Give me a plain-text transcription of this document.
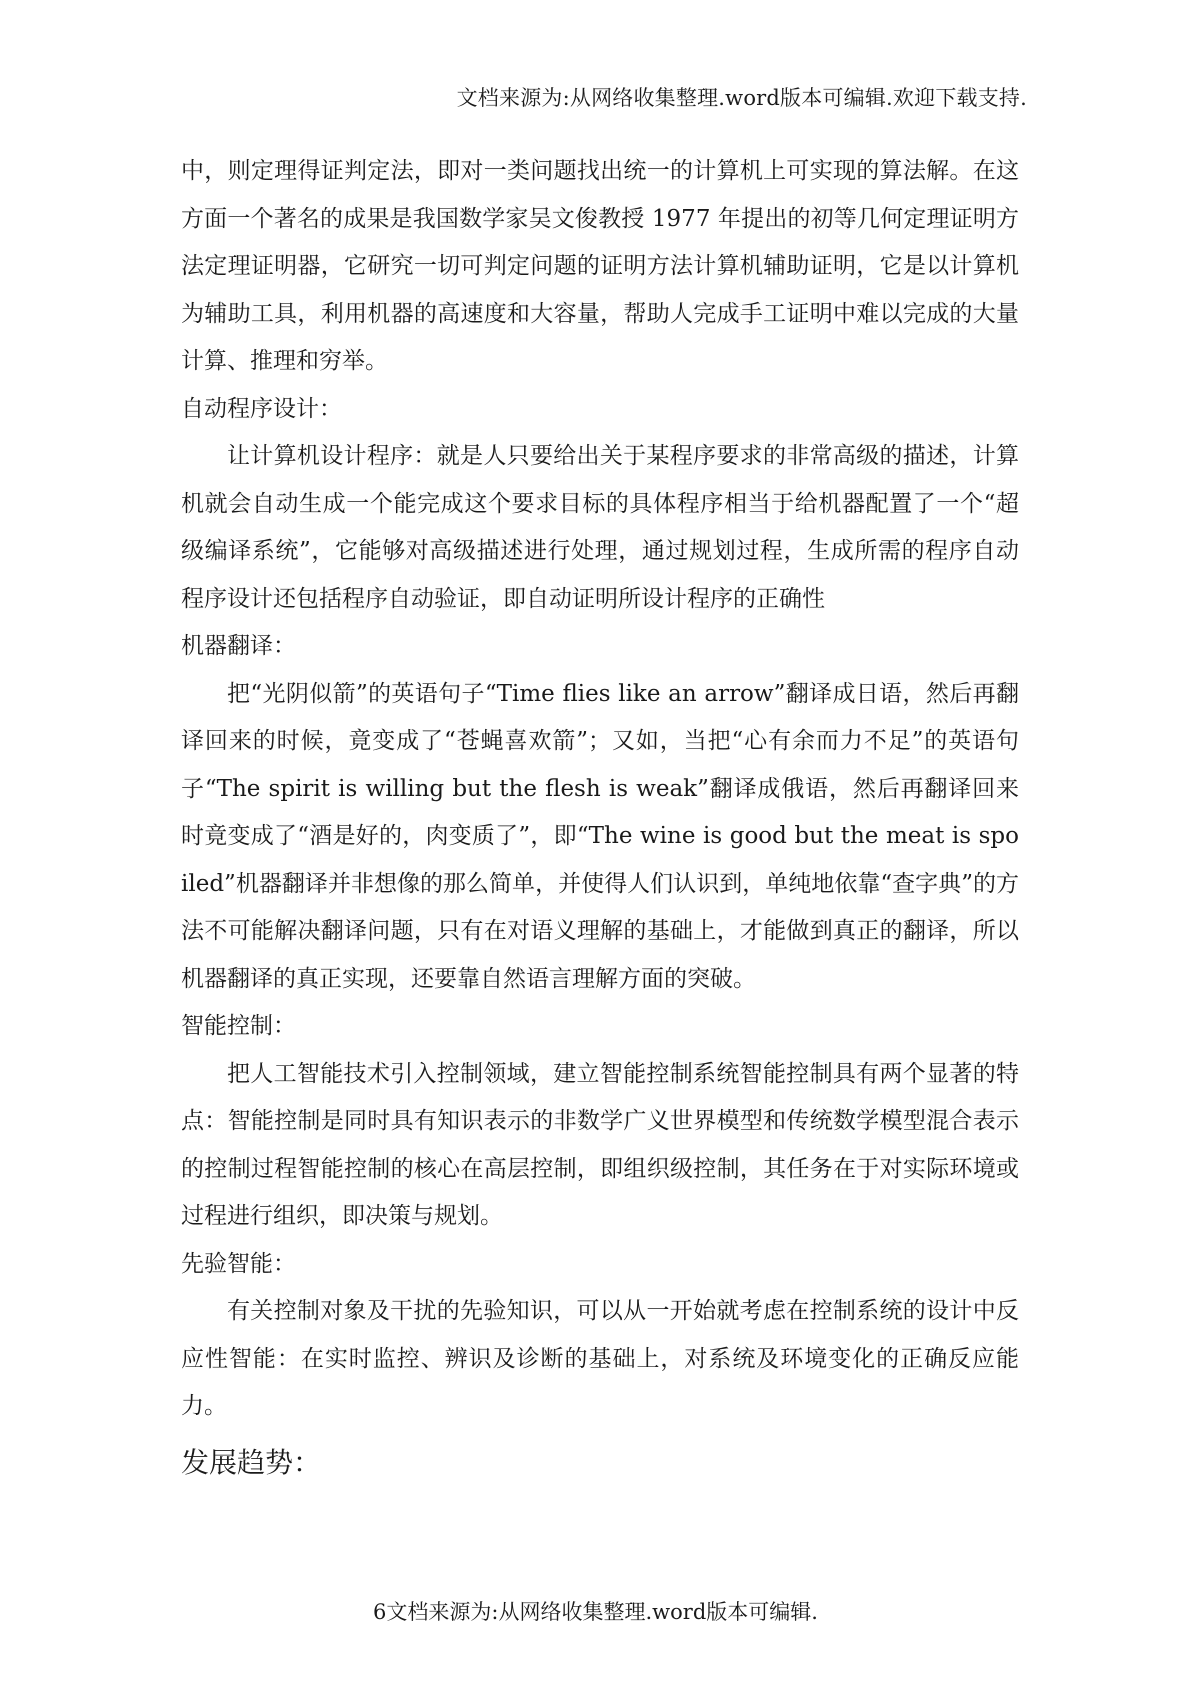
文档来源为:从网络收集整理.word版本可编辑.欢迎下载支持.

中，则定理得证判定法，即对一类问题找出统一的计算机上可实现的算法解。在这方面一个著名的成果是我国数学家吴文俊教授 1977 年提出的初等几何定理证明方法定理证明器，它研究一切可判定问题的证明方法计算机辅助证明，它是以计算机为辅助工具，利用机器的高速度和大容量，帮助人完成手工证明中难以完成的大量计算、推理和穷举。

自动程序设计：

让计算机设计程序：就是人只要给出关于某程序要求的非常高级的描述，计算机就会自动生成一个能完成这个要求目标的具体程序相当于给机器配置了一个“超级编译系统”，它能够对高级描述进行处理，通过规划过程，生成所需的程序自动程序设计还包括程序自动验证，即自动证明所设计程序的正确性

机器翻译：

把“光阴似箭”的英语句子“Time flies like an arrow”翻译成日语，然后再翻译回来的时候，竟变成了“苍蝇喜欢箭”；又如，当把“心有余而力不足”的英语句子“The spirit is willing but the flesh is weak”翻译成俄语，然后再翻译回来时竟变成了“酒是好的，肉变质了”，即“The wine is good but the meat is spoiled”机器翻译并非想像的那么简单，并使得人们认识到，单纯地依靠“查字典”的方法不可能解决翻译问题，只有在对语义理解的基础上，才能做到真正的翻译，所以机器翻译的真正实现，还要靠自然语言理解方面的突破。

智能控制：

把人工智能技术引入控制领域，建立智能控制系统智能控制具有两个显著的特点：智能控制是同时具有知识表示的非数学广义世界模型和传统数学模型混合表示的控制过程智能控制的核心在高层控制，即组织级控制，其任务在于对实际环境或过程进行组织，即决策与规划。

先验智能：

有关控制对象及干扰的先验知识，可以从一开始就考虑在控制系统的设计中反应性智能：在实时监控、辨识及诊断的基础上，对系统及环境变化的正确反应能力。

发展趋势：
6文档来源为:从网络收集整理.word版本可编辑.
